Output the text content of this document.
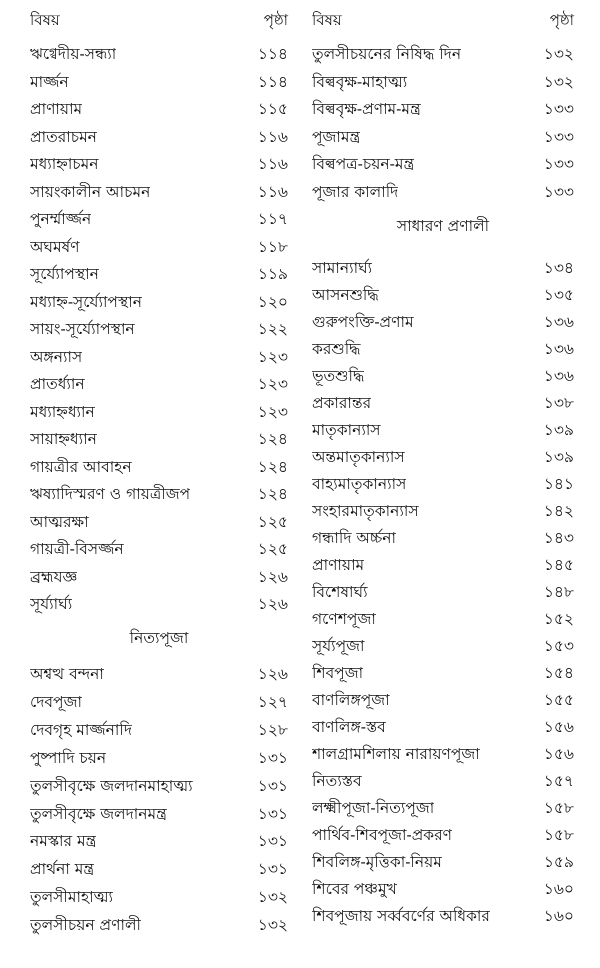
বিষয়	পৃষ্ঠা
ঋগ্বেদীয়-সন্ধ্যা	১১৪
মার্জ্জন	১১৪
প্রাণায়াম	১১৫
প্রাতরাচমন	১১৬
মধ্যাহ্নাচমন	১১৬
সায়ংকালীন আচমন	১১৬
পুনর্ম্মার্জ্জন	১১৭
অঘমর্ষণ	১১৮
সূর্য্যোপস্থান	১১৯
মধ্যাহ্ন-সূর্য্যোপস্থান	১২০
সায়ং-সূর্য্যোপস্থান	১২২
অঙ্গন্যাস	১২৩
প্রাতর্ধ্যান	১২৩
মধ্যাহ্নধ্যান	১২৩
সায়াহ্নধ্যান	১২৪
গায়ত্রীর আবাহন	১২৪
ঋষ্যাদিস্মরণ ও গায়ত্রীজপ	১২৪
আত্মরক্ষা	১২৫
গায়ত্রী-বিসর্জ্জন	১২৫
ব্রহ্মযজ্ঞ	১২৬
সূর্য্যার্ঘ্য	১২৬
নিত্যপূজা
অশ্বত্থ বন্দনা	১২৬
দেবপূজা	১২৭
দেবগৃহ মার্জ্জনাদি	১২৮
পুষ্পাদি চয়ন	১৩১
তুলসীবৃক্ষে জলদানমাহাত্ম্য	১৩১
তুলসীবৃক্ষে জলদানমন্ত্র	১৩১
নমস্কার মন্ত্র	১৩১
প্রার্থনা মন্ত্র	১৩১
তুলসীমাহাত্ম্য	১৩২
তুলসীচয়ন প্রণালী	১৩২
বিষয়	পৃষ্ঠা
তুলসীচয়নের নিষিদ্ধ দিন	১৩২
বিল্ববৃক্ষ-মাহাত্ম্য	১৩২
বিল্ববৃক্ষ-প্রণাম-মন্ত্র	১৩৩
পূজামন্ত্র	১৩৩
বিল্বপত্র-চয়ন-মন্ত্র	১৩৩
পূজার কালাদি	১৩৩
সাধারণ প্রণালী
সামান্যার্ঘ্য	১৩৪
আসনশুদ্ধি	১৩৫
গুরুপংক্তি-প্রণাম	১৩৬
করশুদ্ধি	১৩৬
ভূতশুদ্ধি	১৩৬
প্রকারান্তর	১৩৮
মাতৃকান্যাস	১৩৯
অন্তমাতৃকান্যাস	১৩৯
বাহ্যমাতৃকান্যাস	১৪১
সংহারমাতৃকান্যাস	১৪২
গন্ধাদি অর্চ্চনা	১৪৩
প্রাণায়াম	১৪৫
বিশেষার্ঘ্য	১৪৮
গণেশপূজা	১৫২
সূর্য্যপূজা	১৫৩
শিবপূজা	১৫৪
বাণলিঙ্গপূজা	১৫৫
বাণলিঙ্গ-স্তব	১৫৬
শালগ্রামশিলায় নারায়ণপূজা	১৫৬
নিত্যস্তব	১৫৭
লক্ষ্মীপূজা-নিত্যপূজা	১৫৮
পার্থিব-শিবপূজা-প্রকরণ	১৫৮
শিবলিঙ্গ-মৃত্তিকা-নিয়ম	১৫৯
শিবের পঞ্চমুখ	১৬০
শিবপূজায় সর্ব্ববর্ণের অধিকার	১৬০
